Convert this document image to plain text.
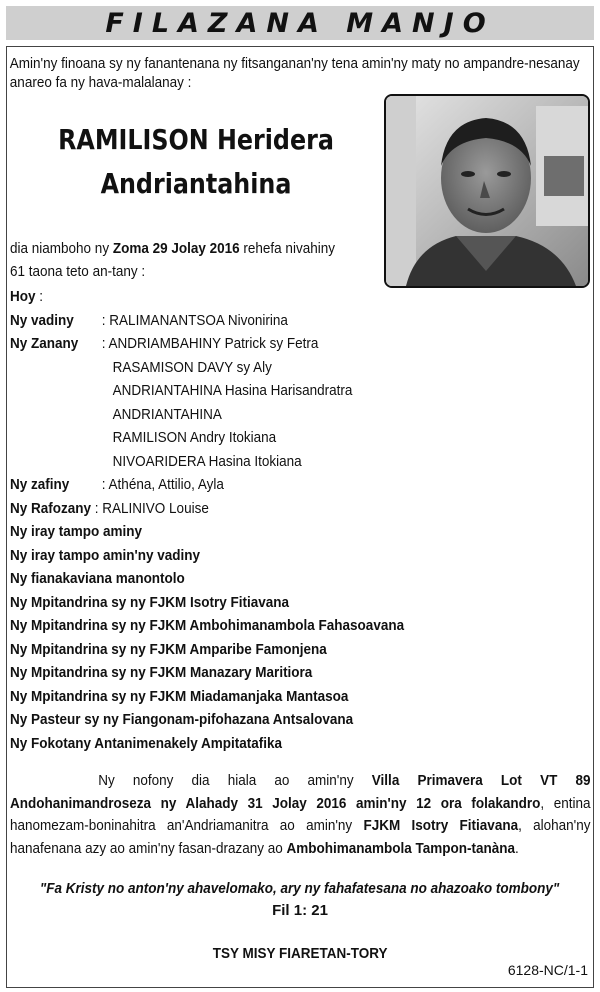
FILAZANA MANJO
Amin'ny finoana sy ny fanantenana ny fitsanganan'ny tena amin'ny maty no ampandre-nesanay anareo fa ny hava-malalanay :
RAMILISON Heridera
Andriantahina
dia niamboho ny Zoma 29 Jolay 2016 rehefa nivahiny
61 taona teto an-tany :
Hoy :
Ny vadiny : RALIMANANTSOA Nivonirina
Ny Zanany : ANDRIAMBAHINY Patrick sy Fetra
RASAMISON DAVY sy Aly
ANDRIANTAHINA Hasina Harisandratra
ANDRIANTAHINA
RAMILISON Andry Itokiana
NIVOARIDERA Hasina Itokiana
Ny zafiny : Athéna, Attilio, Ayla
Ny Rafozany : RALINIVO Louise
Ny iray tampo aminy
Ny iray tampo amin'ny vadiny
Ny fianakaviana manontolo
Ny Mpitandrina sy ny FJKM Isotry Fitiavana
Ny Mpitandrina sy ny FJKM Ambohimanambola Fahasoavana
Ny Mpitandrina sy ny FJKM Amparibe Famonjena
Ny Mpitandrina sy ny FJKM Manazary Maritiora
Ny Mpitandrina sy ny FJKM Miadamanjaka Mantasoa
Ny Pasteur sy ny Fiangonam-pifohazana Antsalovana
Ny Fokotany Antanimenakely Ampitatafika
Ny nofony dia hiala ao amin'ny Villa Primavera Lot VT 89 Andohanimandroseza ny Alahady 31 Jolay 2016 amin'ny 12 ora folakandro, entina hanomezam-boninahitra an'Andriamanitra ao amin'ny FJKM Isotry Fitiavana, alohan'ny hanafenana azy ao amin'ny fasan-drazany ao Ambohimanambola Tampon-tanàna.
"Fa Kristy no anton'ny ahavelomako, ary ny fahafatesana no ahazoako tombony"
Fil 1: 21
TSY MISY FIARETAN-TORY
6128-NC/1-1
